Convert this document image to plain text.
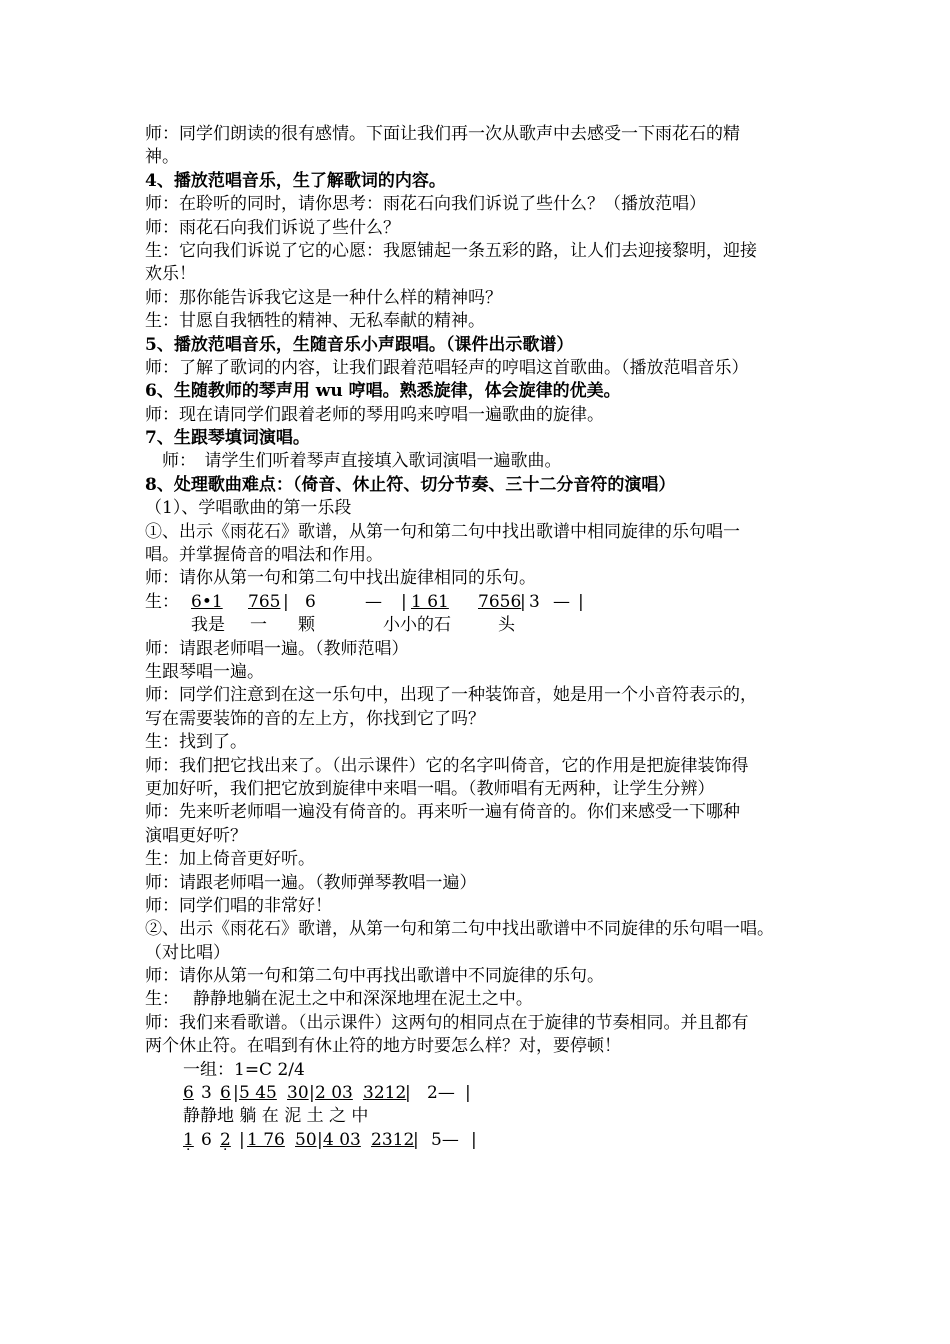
师：同学们朗读的很有感情。下面让我们再一次从歌声中去感受一下雨花石的精
神。
4、播放范唱音乐，生了解歌词的内容。
师：在聆听的同时，请你思考：雨花石向我们诉说了些什么？（播放范唱）
师：雨花石向我们诉说了些什么？
生：它向我们诉说了它的心愿：我愿铺起一条五彩的路，让人们去迎接黎明，迎接
欢乐！
师：那你能告诉我它这是一种什么样的精神吗？
生：甘愿自我牺牲的精神、无私奉献的精神。
5、播放范唱音乐，生随音乐小声跟唱。（课件出示歌谱）
师：了解了歌词的内容，让我们跟着范唱轻声的哼唱这首歌曲。（播放范唱音乐）
6、生随教师的琴声用 wu 哼唱。熟悉旋律，体会旋律的优美。
师：现在请同学们跟着老师的琴用呜来哼唱一遍歌曲的旋律。
7、生跟琴填词演唱。
　师：　请学生们听着琴声直接填入歌词演唱一遍歌曲。
8、处理歌曲难点：（倚音、休止符、切分节奏、三十二分音符的演唱）
（1）、学唱歌曲的第一乐段
①、出示《雨花石》歌谱，从第一句和第二句中找出歌谱中相同旋律的乐句唱一
唱。并掌握倚音的唱法和作用。
师：请你从第一句和第二句中找出旋律相同的乐句。
生： 6•1 765 | 6	— | 1 61 7656
| 3 — |
我是 一 颗	小小的石	头
师：请跟老师唱一遍。（教师范唱）
生跟琴唱一遍。
师：同学们注意到在这一乐句中，出现了一种装饰音，她是用一个小音符表示的，
写在需要装饰的音的左上方，你找到它了吗？
生：找到了。
师：我们把它找出来了。（出示课件）它的名字叫倚音，它的作用是把旋律装饰得
更加好听，我们把它放到旋律中来唱一唱。（教师唱有无两种，让学生分辨）
师：先来听老师唱一遍没有倚音的。再来听一遍有倚音的。你们来感受一下哪种
演唱更好听？
生：加上倚音更好听。
师：请跟老师唱一遍。（教师弹琴教唱一遍）
师：同学们唱的非常好！
②、出示《雨花石》歌谱，从第一句和第二句中找出歌谱中不同旋律的乐句唱一唱。
（对比唱）
师：请你从第一句和第二句中再找出歌谱中不同旋律的乐句。
生：　 静静地躺在泥土之中和深深地埋在泥土之中。
师：我们来看歌谱。（出示课件）这两句的相同点在于旋律的节奏相同。并且都有
两个休止符。在唱到有休止符的地方时要怎么样？对，要停顿！
一组：1=C 2/4
6 3 6 | 5 45 30 | 2 03 3212
| 2— |
静静地 躺 在 泥 土 之 中
1 · 6 2 · | 1 76 50 | 4 03 2312
| 5— |
